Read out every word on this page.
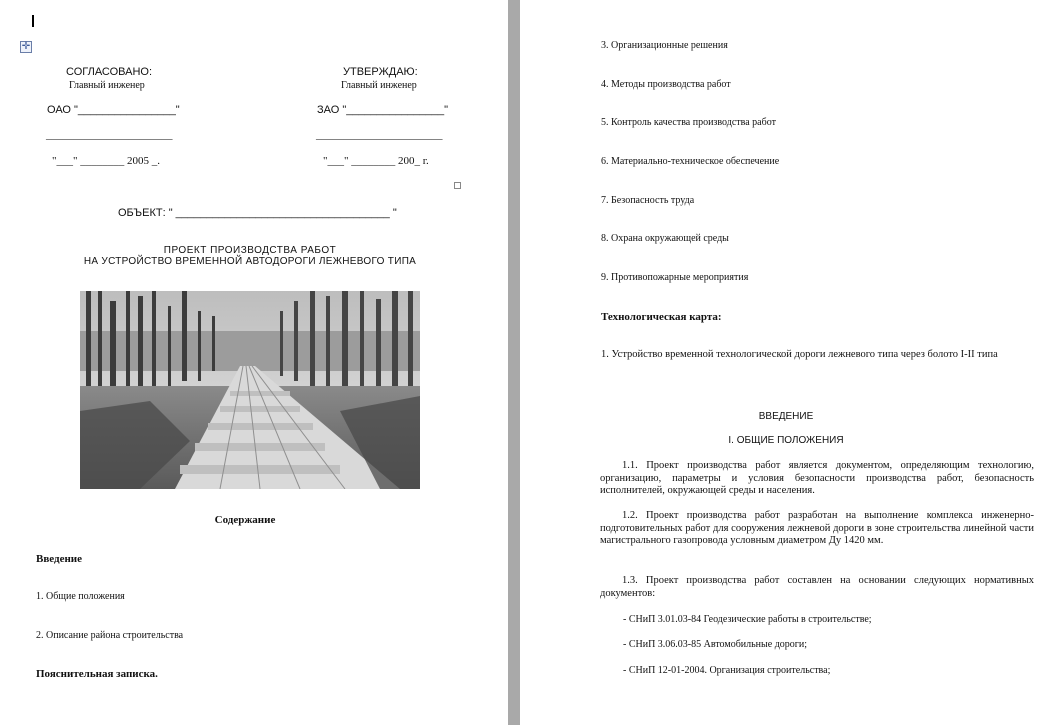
✛
СОГЛАСОВАНО:
Главный инженер
ОАО "________________"
_______________________
"___" ________ 2005 _.
УТВЕРЖДАЮ:
Главный инженер
ЗАО "________________"
_______________________
"___" ________ 200_ г.
ОБЪЕКТ: " ___________________________________ "
ПРОЕКТ ПРОИЗВОДСТВА РАБОТ
НА УСТРОЙСТВО ВРЕМЕННОЙ АВТОДОРОГИ ЛЕЖНЕВОГО ТИПА
Содержание
Введение
1. Общие положения
2. Описание района строительства
Пояснительная записка.
3. Организационные решения
4. Методы производства работ
5. Контроль качества производства работ
6. Материально-техническое обеспечение
7. Безопасность труда
8. Охрана окружающей среды
9. Противопожарные мероприятия
Технологическая карта:
1. Устройство временной технологической дороги лежневого типа через болото I-II типа
ВВЕДЕНИЕ
I. ОБЩИЕ ПОЛОЖЕНИЯ
1.1. Проект производства работ является документом, определяющим технологию, организацию, параметры и условия безопасности производства работ, безопасность исполнителей, окружающей среды и населения.
1.2. Проект производства работ разработан на выполнение комплекса инженерно-подготовительных работ для сооружения лежневой дороги в зоне строительства линейной части магистрального газопровода условным диаметром Ду 1420 мм.
1.3. Проект производства работ составлен на основании следующих нормативных документов:
- СНиП 3.01.03-84 Геодезические работы в строительстве;
- СНиП 3.06.03-85 Автомобильные дороги;
- СНиП 12-01-2004. Организация строительства;
